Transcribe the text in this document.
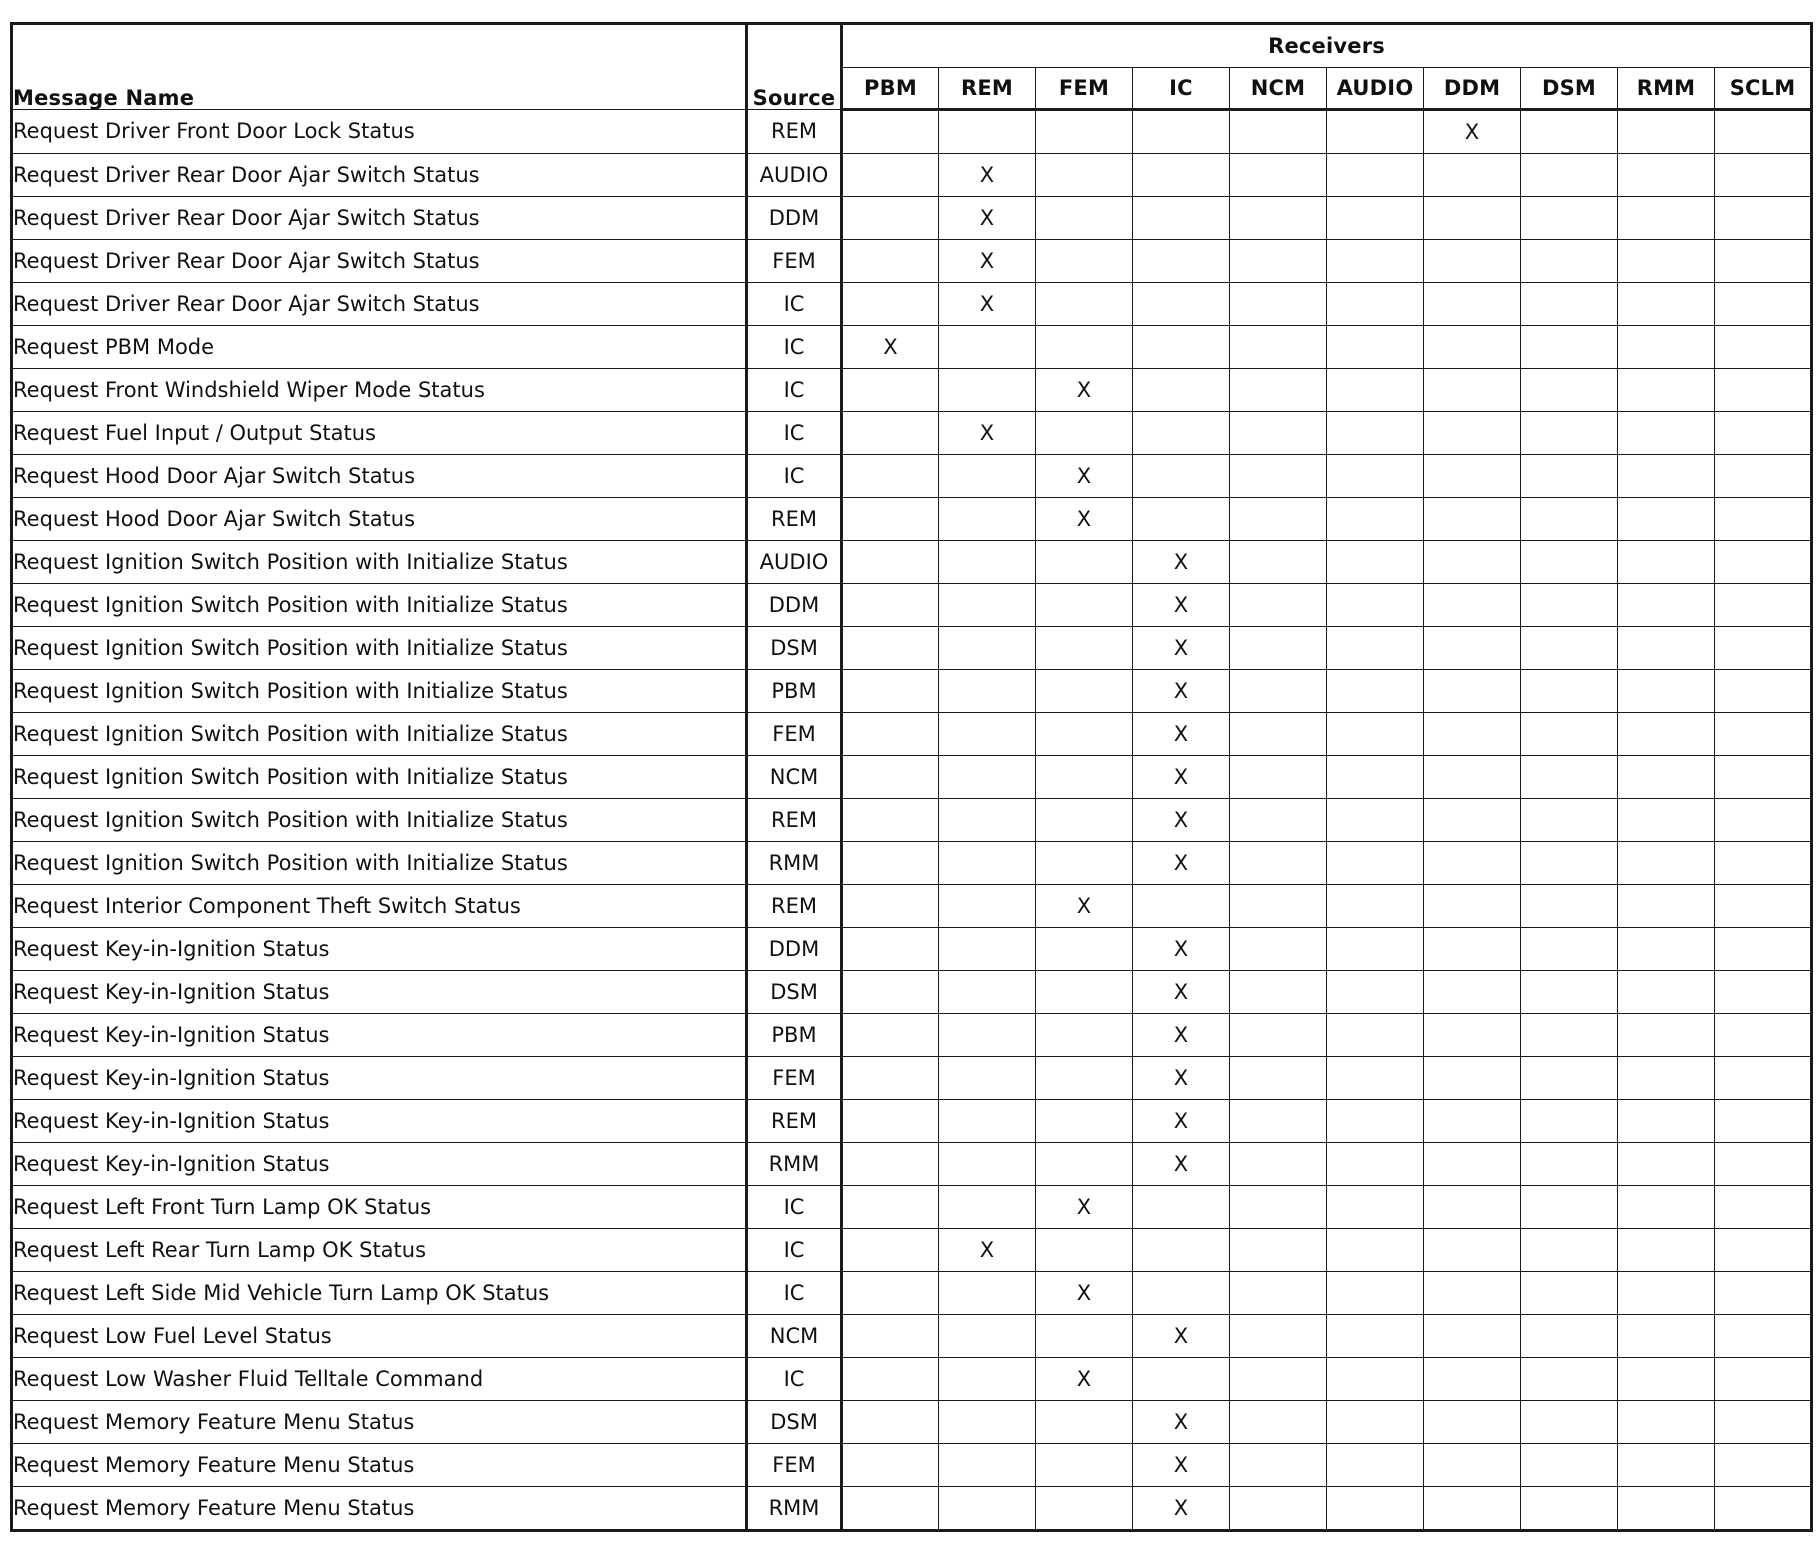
Message Name	Source	Receivers									
		PBM	REM	FEM	IC	NCM	AUDIO	DDM	DSM	RMM	SCLM
Request Driver Front Door Lock Status	REM							X			
Request Driver Rear Door Ajar Switch Status	AUDIO		X								
Request Driver Rear Door Ajar Switch Status	DDM		X								
Request Driver Rear Door Ajar Switch Status	FEM		X								
Request Driver Rear Door Ajar Switch Status	IC		X								
Request PBM Mode	IC	X									
Request Front Windshield Wiper Mode Status	IC			X							
Request Fuel Input / Output Status	IC		X								
Request Hood Door Ajar Switch Status	IC			X							
Request Hood Door Ajar Switch Status	REM			X							
Request Ignition Switch Position with Initialize Status	AUDIO				X						
Request Ignition Switch Position with Initialize Status	DDM				X						
Request Ignition Switch Position with Initialize Status	DSM				X						
Request Ignition Switch Position with Initialize Status	PBM				X						
Request Ignition Switch Position with Initialize Status	FEM				X						
Request Ignition Switch Position with Initialize Status	NCM				X						
Request Ignition Switch Position with Initialize Status	REM				X						
Request Ignition Switch Position with Initialize Status	RMM				X						
Request Interior Component Theft Switch Status	REM			X							
Request Key-in-Ignition Status	DDM				X						
Request Key-in-Ignition Status	DSM				X						
Request Key-in-Ignition Status	PBM				X						
Request Key-in-Ignition Status	FEM				X						
Request Key-in-Ignition Status	REM				X						
Request Key-in-Ignition Status	RMM				X						
Request Left Front Turn Lamp OK Status	IC			X							
Request Left Rear Turn Lamp OK Status	IC		X								
Request Left Side Mid Vehicle Turn Lamp OK Status	IC			X							
Request Low Fuel Level Status	NCM				X						
Request Low Washer Fluid Telltale Command	IC			X							
Request Memory Feature Menu Status	DSM				X						
Request Memory Feature Menu Status	FEM				X						
Request Memory Feature Menu Status	RMM				X						
